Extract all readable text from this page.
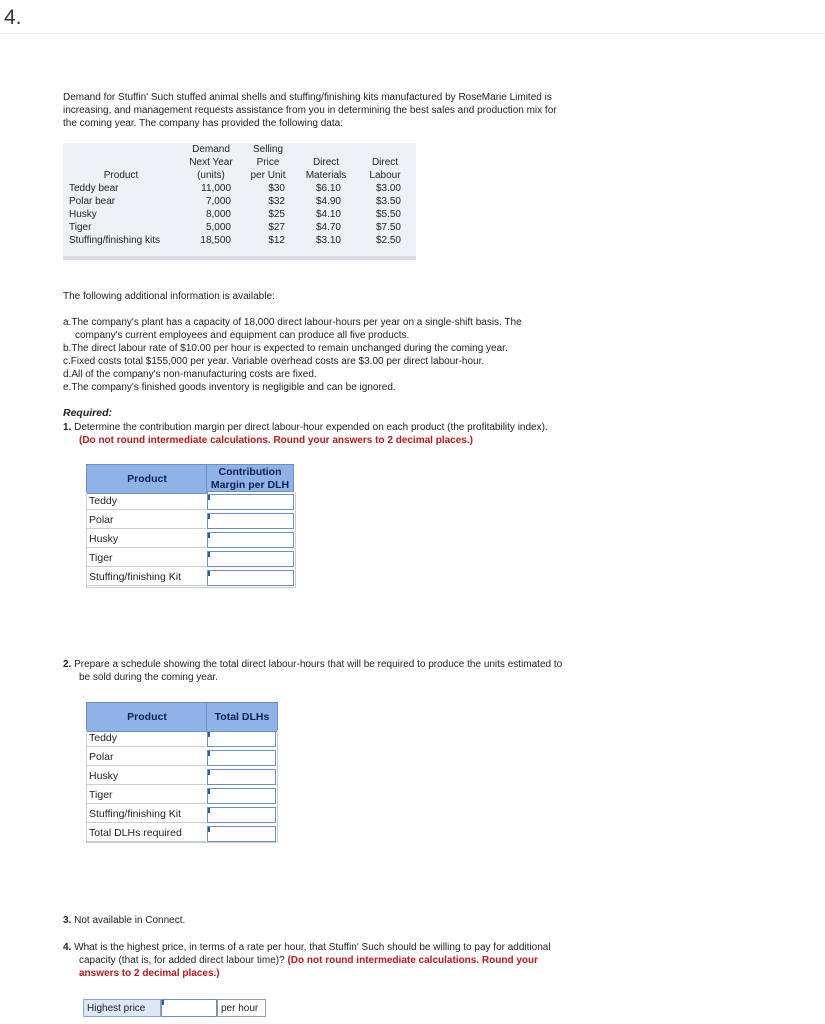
4.
Demand for Stuffin' Such stuffed animal shells and stuffing/finishing kits manufactured by RoseMarie Limited is increasing, and management requests assistance from you in determining the best sales and production mix for the coming year. The company has provided the following data:
Product
Demand
Next Year
(units)
Selling
Price
per Unit
Direct
Materials
Direct
Labour
Teddy bear	11,000	$30	$6.10	$3.00
Polar bear	7,000	$32	$4.90	$3.50
Husky	8,000	$25	$4.10	$5.50
Tiger	5,000	$27	$4.70	$7.50
Stuffing/finishing kits	18,500	$12	$3.10	$2.50
The following additional information is available:
a.The company's plant has a capacity of 18,000 direct labour-hours per year on a single-shift basis. The company's current employees and equipment can produce all five products.
b.The direct labour rate of $10.00 per hour is expected to remain unchanged during the coming year.
c.Fixed costs total $155,000 per year. Variable overhead costs are $3.00 per direct labour-hour.
d.All of the company's non-manufacturing costs are fixed.
e.The company's finished goods inventory is negligible and can be ignored.
Required:
1. Determine the contribution margin per direct labour-hour expended on each product (the profitability index). (Do not round intermediate calculations. Round your answers to 2 decimal places.)
Product
Contribution Margin per DLH
Teddy
Polar
Husky
Tiger
Stuffing/finishing Kit
2. Prepare a schedule showing the total direct labour-hours that will be required to produce the units estimated to be sold during the coming year.
Product	Total DLHs
Teddy
Polar
Husky
Tiger
Stuffing/finishing Kit
Total DLHs required
3. Not available in Connect.
4. What is the highest price, in terms of a rate per hour, that Stuffin' Such should be willing to pay for additional capacity (that is, for added direct labour time)? (Do not round intermediate calculations. Round your answers to 2 decimal places.)
Highest price	per hour
